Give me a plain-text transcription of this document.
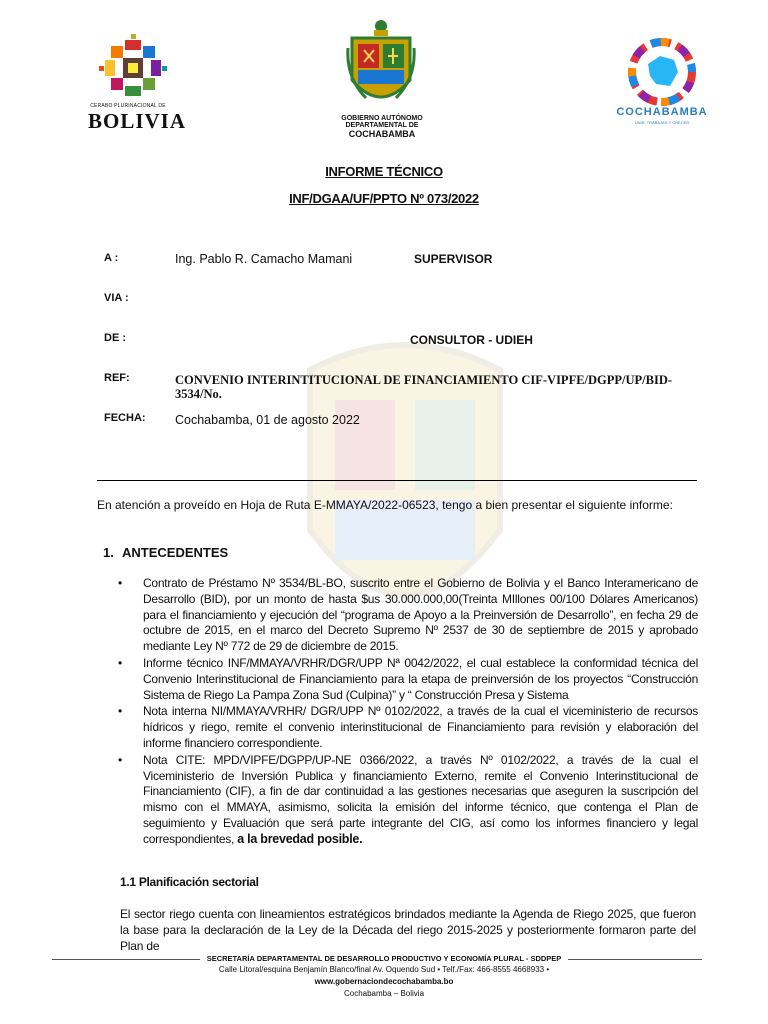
CERABO PLURINACIONAL DE
BOLIVIA	GOBIERNO AUTÓNOMO
DEPARTAMENTAL DE
COCHABAMBA
COCHABAMBA
UNIR. TRABAJAR Y CRECER
INFORME TÉCNICO
INF/DGAA/UF/PPTO Nº 073/2022
A :	Ing. Pablo R. Camacho Mamani	SUPERVISOR
VIA :
DE :	CONSULTOR - UDIEH
REF:	CONVENIO INTERINTITUCIONAL DE FINANCIAMIENTO CIF-VIPFE/DGPP/UP/BID-3534/No.
FECHA: Cochabamba, 01 de agosto 2022
En atención a proveído en Hoja de Ruta E-MMAYA/2022-06523, tengo a bien presentar el siguiente informe:
1. ANTECEDENTES
• Contrato de Préstamo Nº 3534/BL-BO, suscrito entre el Gobierno de Bolivia y el Banco Interamericano de Desarrollo (BID), por un monto de hasta $us 30.000.000,00(Treinta MIllones 00/100 Dólares Americanos) para el financiamiento y ejecución del “programa de Apoyo a la Preinversión de Desarrollo”, en fecha 29 de octubre de 2015, en el marco del Decreto Supremo Nº 2537 de 30 de septiembre de 2015 y aprobado mediante Ley Nº 772 de 29 de diciembre de 2015.
• Informe técnico INF/MMAYA/VRHR/DGR/UPP Nª 0042/2022, el cual establece la conformidad técnica del Convenio Interinstitucional de Financiamiento para la etapa de preinversión de los proyectos “Construcción Sistema de Riego La Pampa Zona Sud (Culpina)” y “ Construcción Presa y Sistema
• Nota interna NI/MMAYA/VRHR/ DGR/UPP Nº 0102/2022, a través de la cual el viceministerio de recursos hídricos y riego, remite el convenio interinstitucional de Financiamiento para revisión y elaboración del informe financiero correspondiente.
• Nota CITE: MPD/VIPFE/DGPP/UP-NE 0366/2022, a través Nº 0102/2022, a través de la cual el Viceministerio de Inversión Publica y financiamiento Externo, remite el Convenio Interinstitucional de Financiamiento (CIF), a fin de dar continuidad a las gestiones necesarias que aseguren la suscripción del mismo con el MMAYA, asimismo, solicita la emisión del informe técnico, que contenga el Plan de seguimiento y Evaluación que será parte integrante del CIG, así como los informes financiero y legal correspondientes, a la brevedad posible.
1.1 Planificación sectorial
El sector riego cuenta con lineamientos estratégicos brindados mediante la Agenda de Riego 2025, que fueron la base para la declaración de la Ley de la Década del riego 2015-2025 y posteriormente formaron parte del Plan de
SECRETARÍA DEPARTAMENTAL DE DESARROLLO PRODUCTIVO Y ECONOMÍA PLURAL - SDDPEP
Calle Litoral/esquina Benjamín Blanco/final Av. Oquendo Sud • Telf./Fax: 466-8555 4668933 •
www.gobernaciondecochabamba.bo
Cochabamba – Bolivia
